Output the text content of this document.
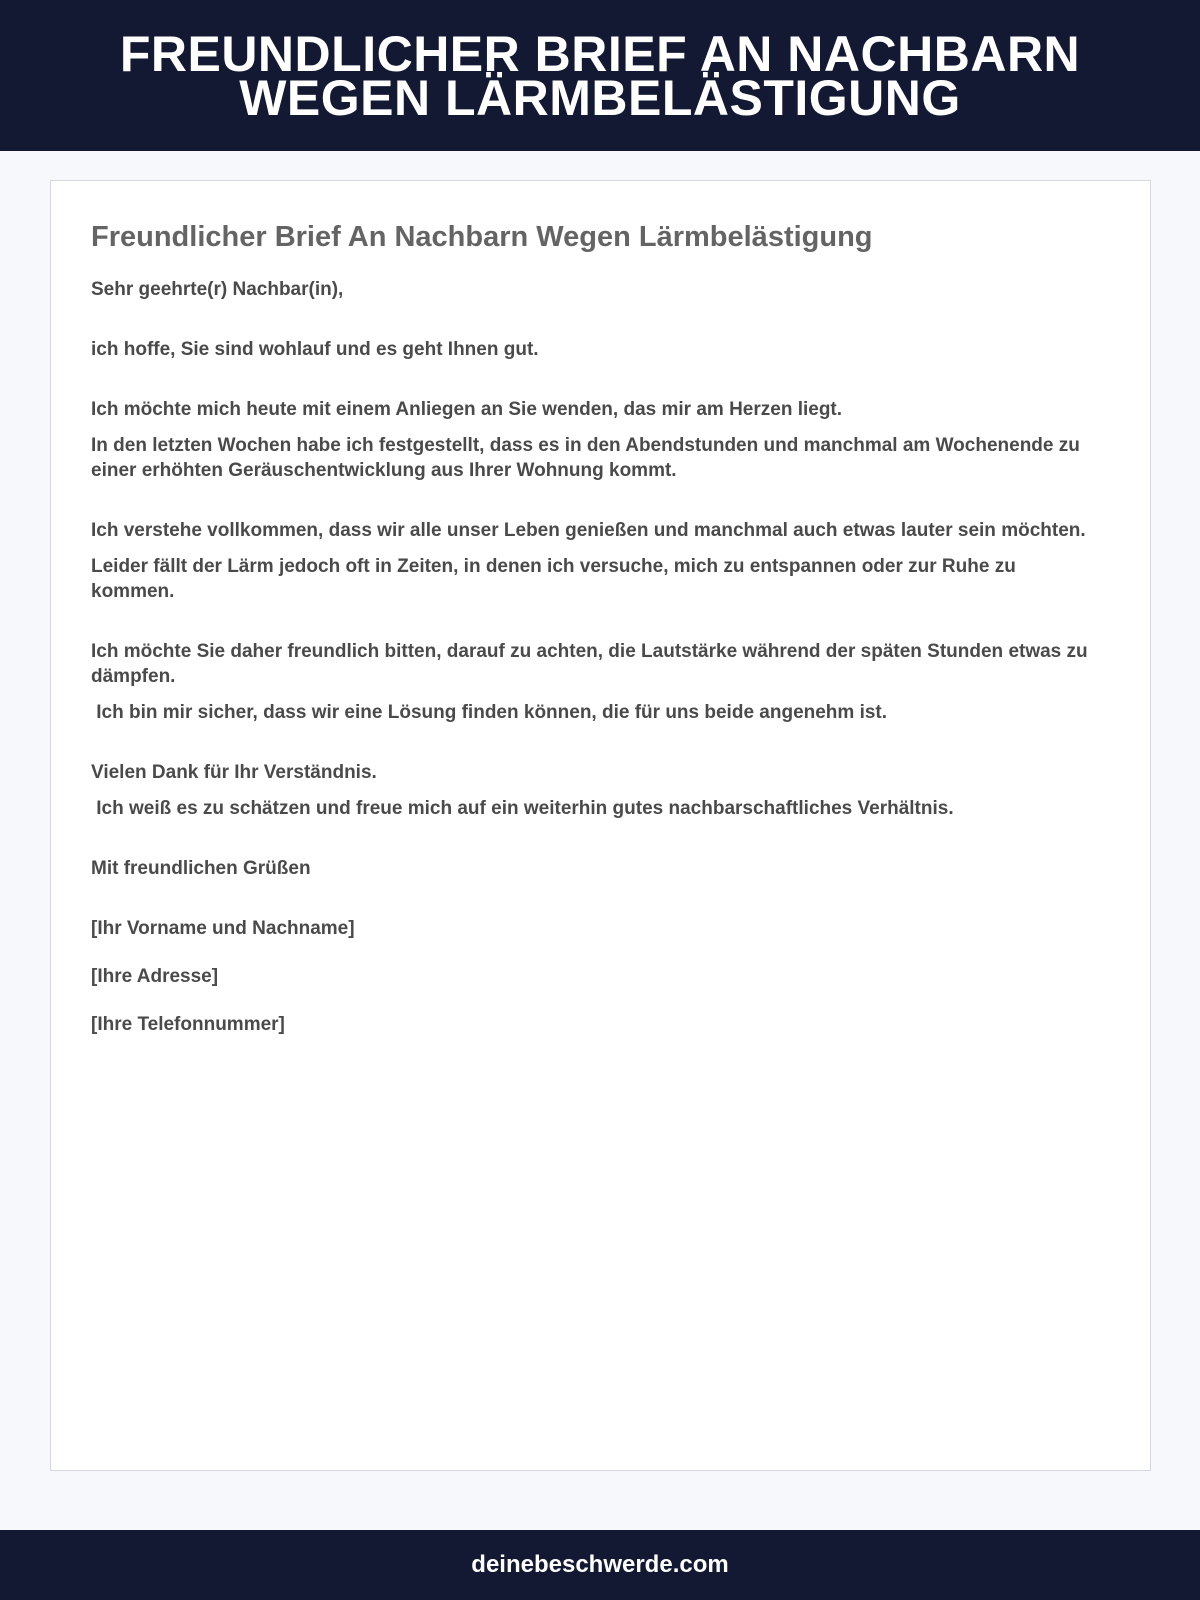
FREUNDLICHER BRIEF AN NACHBARN WEGEN LÄRMBELÄSTIGUNG
Freundlicher Brief An Nachbarn Wegen Lärmbelästigung

Sehr geehrte(r) Nachbar(in),

ich hoffe, Sie sind wohlauf und es geht Ihnen gut.

Ich möchte mich heute mit einem Anliegen an Sie wenden, das mir am Herzen liegt.

In den letzten Wochen habe ich festgestellt, dass es in den Abendstunden und manchmal am Wochenende zu einer erhöhten Geräuschentwicklung aus Ihrer Wohnung kommt.

Ich verstehe vollkommen, dass wir alle unser Leben genießen und manchmal auch etwas lauter sein möchten.

Leider fällt der Lärm jedoch oft in Zeiten, in denen ich versuche, mich zu entspannen oder zur Ruhe zu kommen.

Ich möchte Sie daher freundlich bitten, darauf zu achten, die Lautstärke während der späten Stunden etwas zu dämpfen.

Ich bin mir sicher, dass wir eine Lösung finden können, die für uns beide angenehm ist.

Vielen Dank für Ihr Verständnis.

Ich weiß es zu schätzen und freue mich auf ein weiterhin gutes nachbarschaftliches Verhältnis.

Mit freundlichen Grüßen

[Ihr Vorname und Nachname]

[Ihre Adresse]

[Ihre Telefonnummer]

deinebeschwerde.com
